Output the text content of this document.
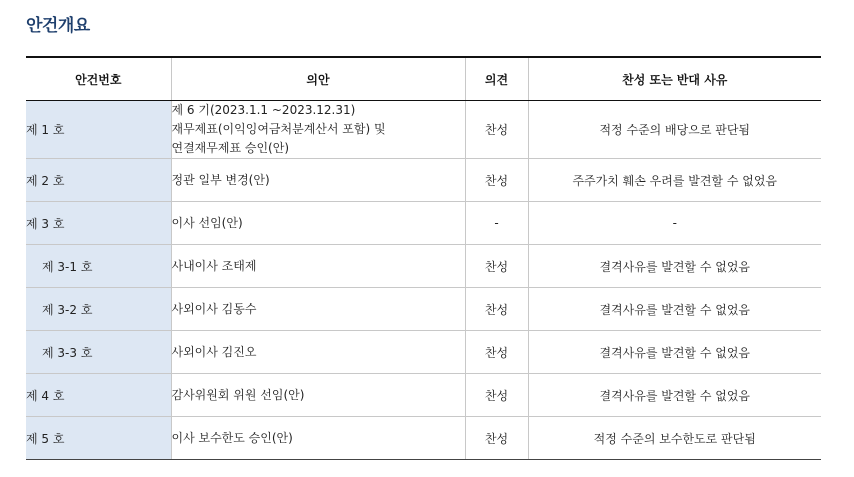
안건개요
안건번호	의안	의견	찬성 또는 반대 사유
제 1 호	제 6 기(2023.1.1 ~2023.12.31)
재무제표(이익잉여금처분계산서 포함) 및
연결재무제표 승인(안)	찬성	적정 수준의 배당으로 판단됨
제 2 호	정관 일부 변경(안)	찬성	주주가치 훼손 우려를 발견할 수 없었음
제 3 호	이사 선임(안)	-	-
제 3-1 호	사내이사 조태제	찬성	결격사유를 발견할 수 없었음
제 3-2 호	사외이사 김동수	찬성	결격사유를 발견할 수 없었음
제 3-3 호	사외이사 김진오	찬성	결격사유를 발견할 수 없었음
제 4 호	감사위원회 위원 선임(안)	찬성	결격사유를 발견할 수 없었음
제 5 호	이사 보수한도 승인(안)	찬성	적정 수준의 보수한도로 판단됨
